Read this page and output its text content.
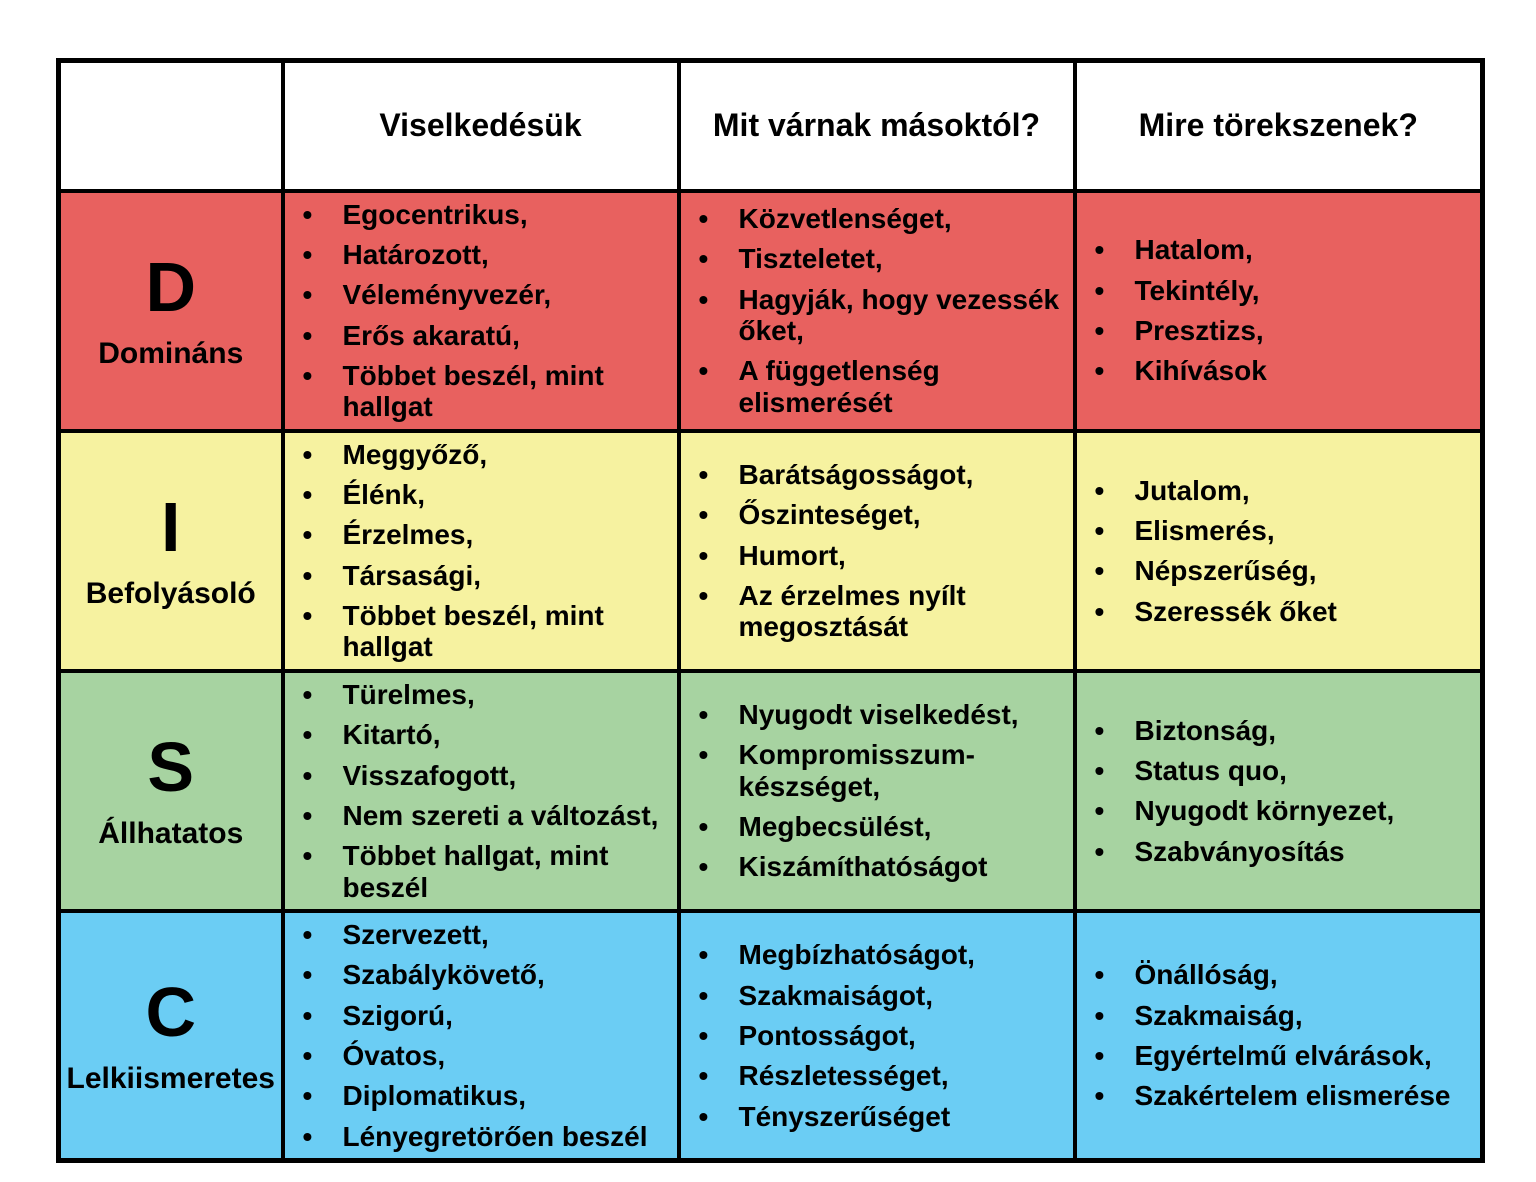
	Viselkedésük	Mit várnak másoktól?	Mire törekszenek?

D
Domináns

• Egocentrikus,
• Határozott,
• Véleményvezér,
• Erős akaratú,
• Többet beszél, mint hallgat

• Közvetlenséget,
• Tiszteletet,
• Hagyják, hogy vezessék őket,
• A függetlenség elismerését

• Hatalom,
• Tekintély,
• Presztizs,
• Kihívások

I
Befolyásoló

• Meggyőző,
• Élénk,
• Érzelmes,
• Társasági,
• Többet beszél, mint hallgat

• Barátságosságot,
• Őszinteséget,
• Humort,
• Az érzelmes nyílt megosztását

• Jutalom,
• Elismerés,
• Népszerűség,
• Szeressék őket

S
Állhatatos

• Türelmes,
• Kitartó,
• Visszafogott,
• Nem szereti a változást,
• Többet hallgat, mint beszél

• Nyugodt viselkedést,
• Kompromisszum-készséget,
• Megbecsülést,
• Kiszámíthatóságot

• Biztonság,
• Status quo,
• Nyugodt környezet,
• Szabványosítás

C
Lelkiismeretes

• Szervezett,
• Szabálykövető,
• Szigorú,
• Óvatos,
• Diplomatikus,
• Lényegretörően beszél

• Megbízhatóságot,
• Szakmaiságot,
• Pontosságot,
• Részletességet,
• Tényszerűséget

• Önállóság,
• Szakmaiság,
• Egyértelmű elvárások,
• Szakértelem elismerése
